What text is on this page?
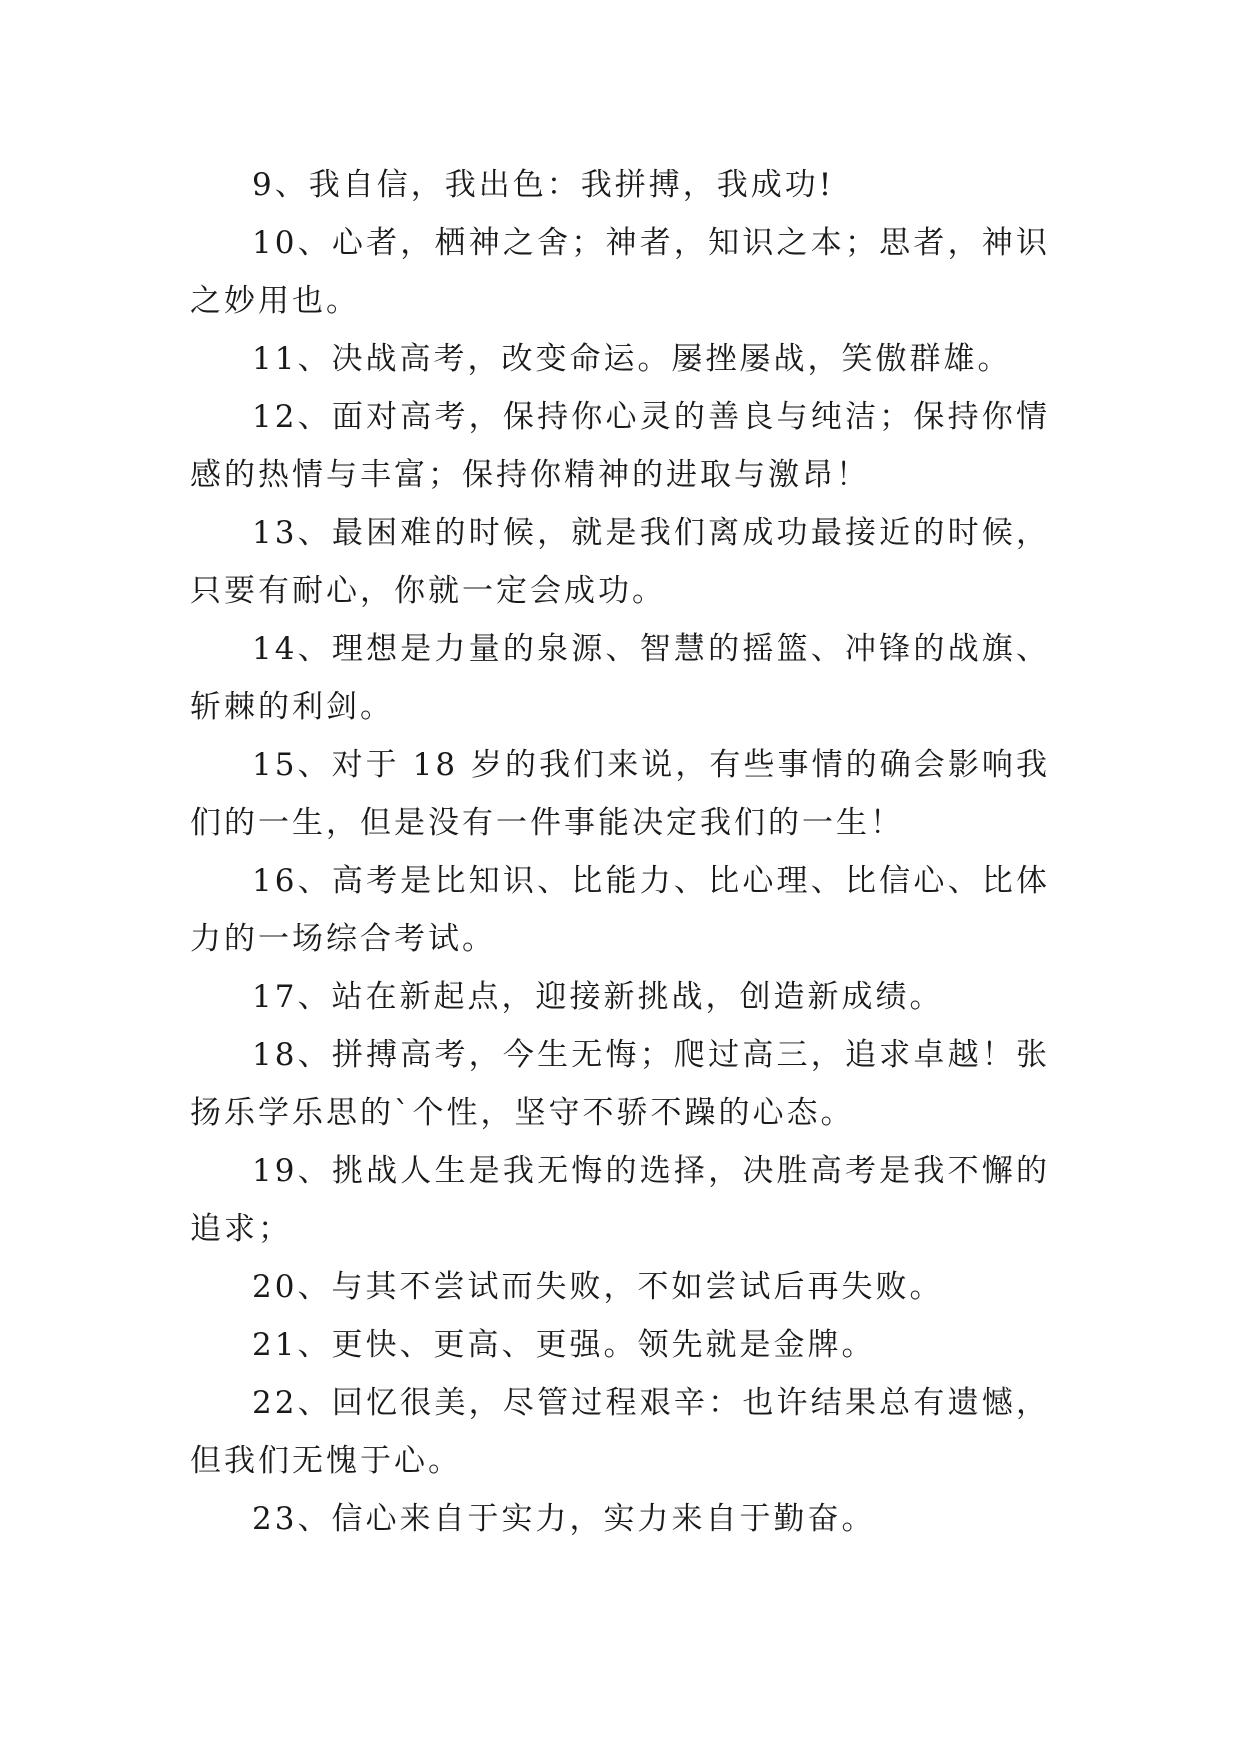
9、我自信，我出色：我拼搏，我成功!

10、心者，栖神之舍；神者，知识之本；思者，神识之妙用也。

11、决战高考，改变命运。屡挫屡战，笑傲群雄。

12、面对高考，保持你心灵的善良与纯洁；保持你情感的热情与丰富；保持你精神的进取与激昂！

13、最困难的时候，就是我们离成功最接近的时候，只要有耐心，你就一定会成功。

14、理想是力量的泉源、智慧的摇篮、冲锋的战旗、斩棘的利剑。

15、对于 18 岁的我们来说，有些事情的确会影响我们的一生，但是没有一件事能决定我们的一生！

16、高考是比知识、比能力、比心理、比信心、比体力的一场综合考试。

17、站在新起点，迎接新挑战，创造新成绩。

18、拼搏高考，今生无悔；爬过高三，追求卓越！张扬乐学乐思的`个性，坚守不骄不躁的心态。

19、挑战人生是我无悔的选择，决胜高考是我不懈的追求；

20、与其不尝试而失败，不如尝试后再失败。

21、更快、更高、更强。领先就是金牌。

22、回忆很美，尽管过程艰辛：也许结果总有遗憾，但我们无愧于心。

23、信心来自于实力，实力来自于勤奋。
